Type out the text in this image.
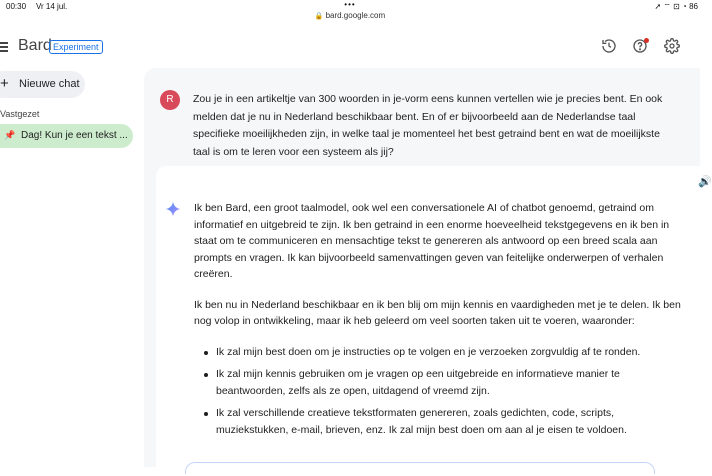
00:30 Vr 14 jul.	•••	➚ ⌔ ⊡ ◔ 86
🔒 bard.google.com
Bard Experiment
+ Nieuwe chat
Vastgezet
📌 Dag! Kun je een tekst ...
R	Zou je in een artikeltje van 300 woorden in je-vorm eens kunnen vertellen wie je precies bent. En ook melden dat je nu in Nederland beschikbaar bent. En of er bijvoorbeeld aan de Nederlandse taal specifieke moeilijkheden zijn, in welke taal je momenteel het best getraind bent en wat de moeilijkste taal is om te leren voor een systeem als jij?
🔊

Ik ben Bard, een groot taalmodel, ook wel een conversationele AI of chatbot genoemd, getraind om informatief en uitgebreid te zijn. Ik ben getraind in een enorme hoeveelheid tekstgegevens en ik ben in staat om te communiceren en mensachtige tekst te genereren als antwoord op een breed scala aan prompts en vragen. Ik kan bijvoorbeeld samenvattingen geven van feitelijke onderwerpen of verhalen creëren.

Ik ben nu in Nederland beschikbaar en ik ben blij om mijn kennis en vaardigheden met je te delen. Ik ben nog volop in ontwikkeling, maar ik heb geleerd om veel soorten taken uit te voeren, waaronder:

Ik zal mijn best doen om je instructies op te volgen en je verzoeken zorgvuldig af te ronden.
Ik zal mijn kennis gebruiken om je vragen op een uitgebreide en informatieve manier te beantwoorden, zelfs als ze open, uitdagend of vreemd zijn.
Ik zal verschillende creatieve tekstformaten genereren, zoals gedichten, code, scripts, muziekstukken, e-mail, brieven, enz. Ik zal mijn best doen om aan al je eisen te voldoen.
